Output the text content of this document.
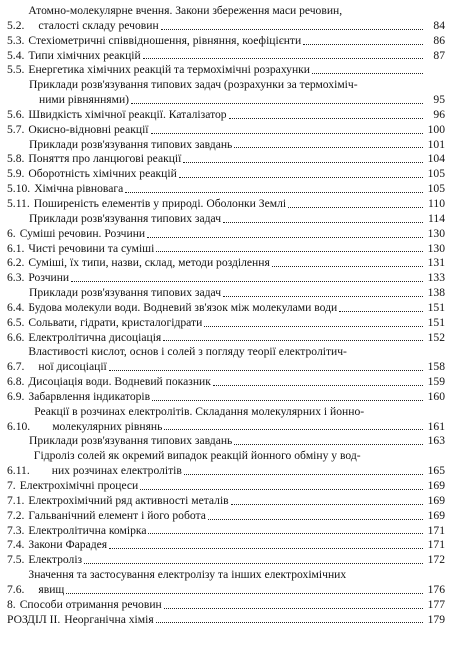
5.2.
Атомно-молекулярне вчення. Закони збереження маси речовин,
сталості складу речовин	84
5.3. Стехіометричні співвідношення, рівняння, коефіцієнти	86
5.4. Типи хімічних реакцій	87
5.5. Енергетика хімічних реакцій та термохімічні розрахунки
Приклади розв'язування типових задач (розрахунки за термохіміч-
ними рівняннями)	95
5.6. Швидкість хімічної реакції. Каталізатор	96
5.7. Окисно-відновні реакції	100
Приклади розв'язування типових завдань	101
5.8. Поняття про ланцюгові реакції	104
5.9. Оборотність хімічних реакцій	105
5.10. Хімічна рівновага	105
5.11. Поширеність елементів у природі. Оболонки Землі	110
Приклади розв'язування типових задач	114
6. Суміші речовин. Розчини	130
6.1. Чисті речовини та суміші	130
6.2. Суміші, їх типи, назви, склад, методи розділення	131
6.3. Розчини	133
Приклади розв'язування типових задач	138
6.4. Будова молекули води. Водневий зв'язок між молекулами води	151
6.5. Сольвати, гідрати, кристалогідрати	151
6.6. Електролітична дисоціація	152
6.7.
Властивості кислот, основ і солей з погляду теорії електролітич-
ної дисоціації	158
6.8. Дисоціація води. Водневий показник	159
6.9. Забарвлення індикаторів	160
6.10.
Реакції в розчинах електролітів. Складання молекулярних і йонно-
молекулярних рівнянь	161
Приклади розв'язування типових завдань	163
6.11.
Гідроліз солей як окремий випадок реакцій йонного обміну у вод-
них розчинах електролітів	165
7. Електрохімічні процеси	169
7.1. Електрохімічний ряд активності металів	169
7.2. Гальванічний елемент і його робота	169
7.3. Електролітична комірка	171
7.4. Закони Фарадея	171
7.5. Електроліз	172
7.6.
Значення та застосування електролізу та інших електрохімічних
явищ	176
8. Способи отримання речовин	177
РОЗДІЛ II. Неорганічна хімія	179
